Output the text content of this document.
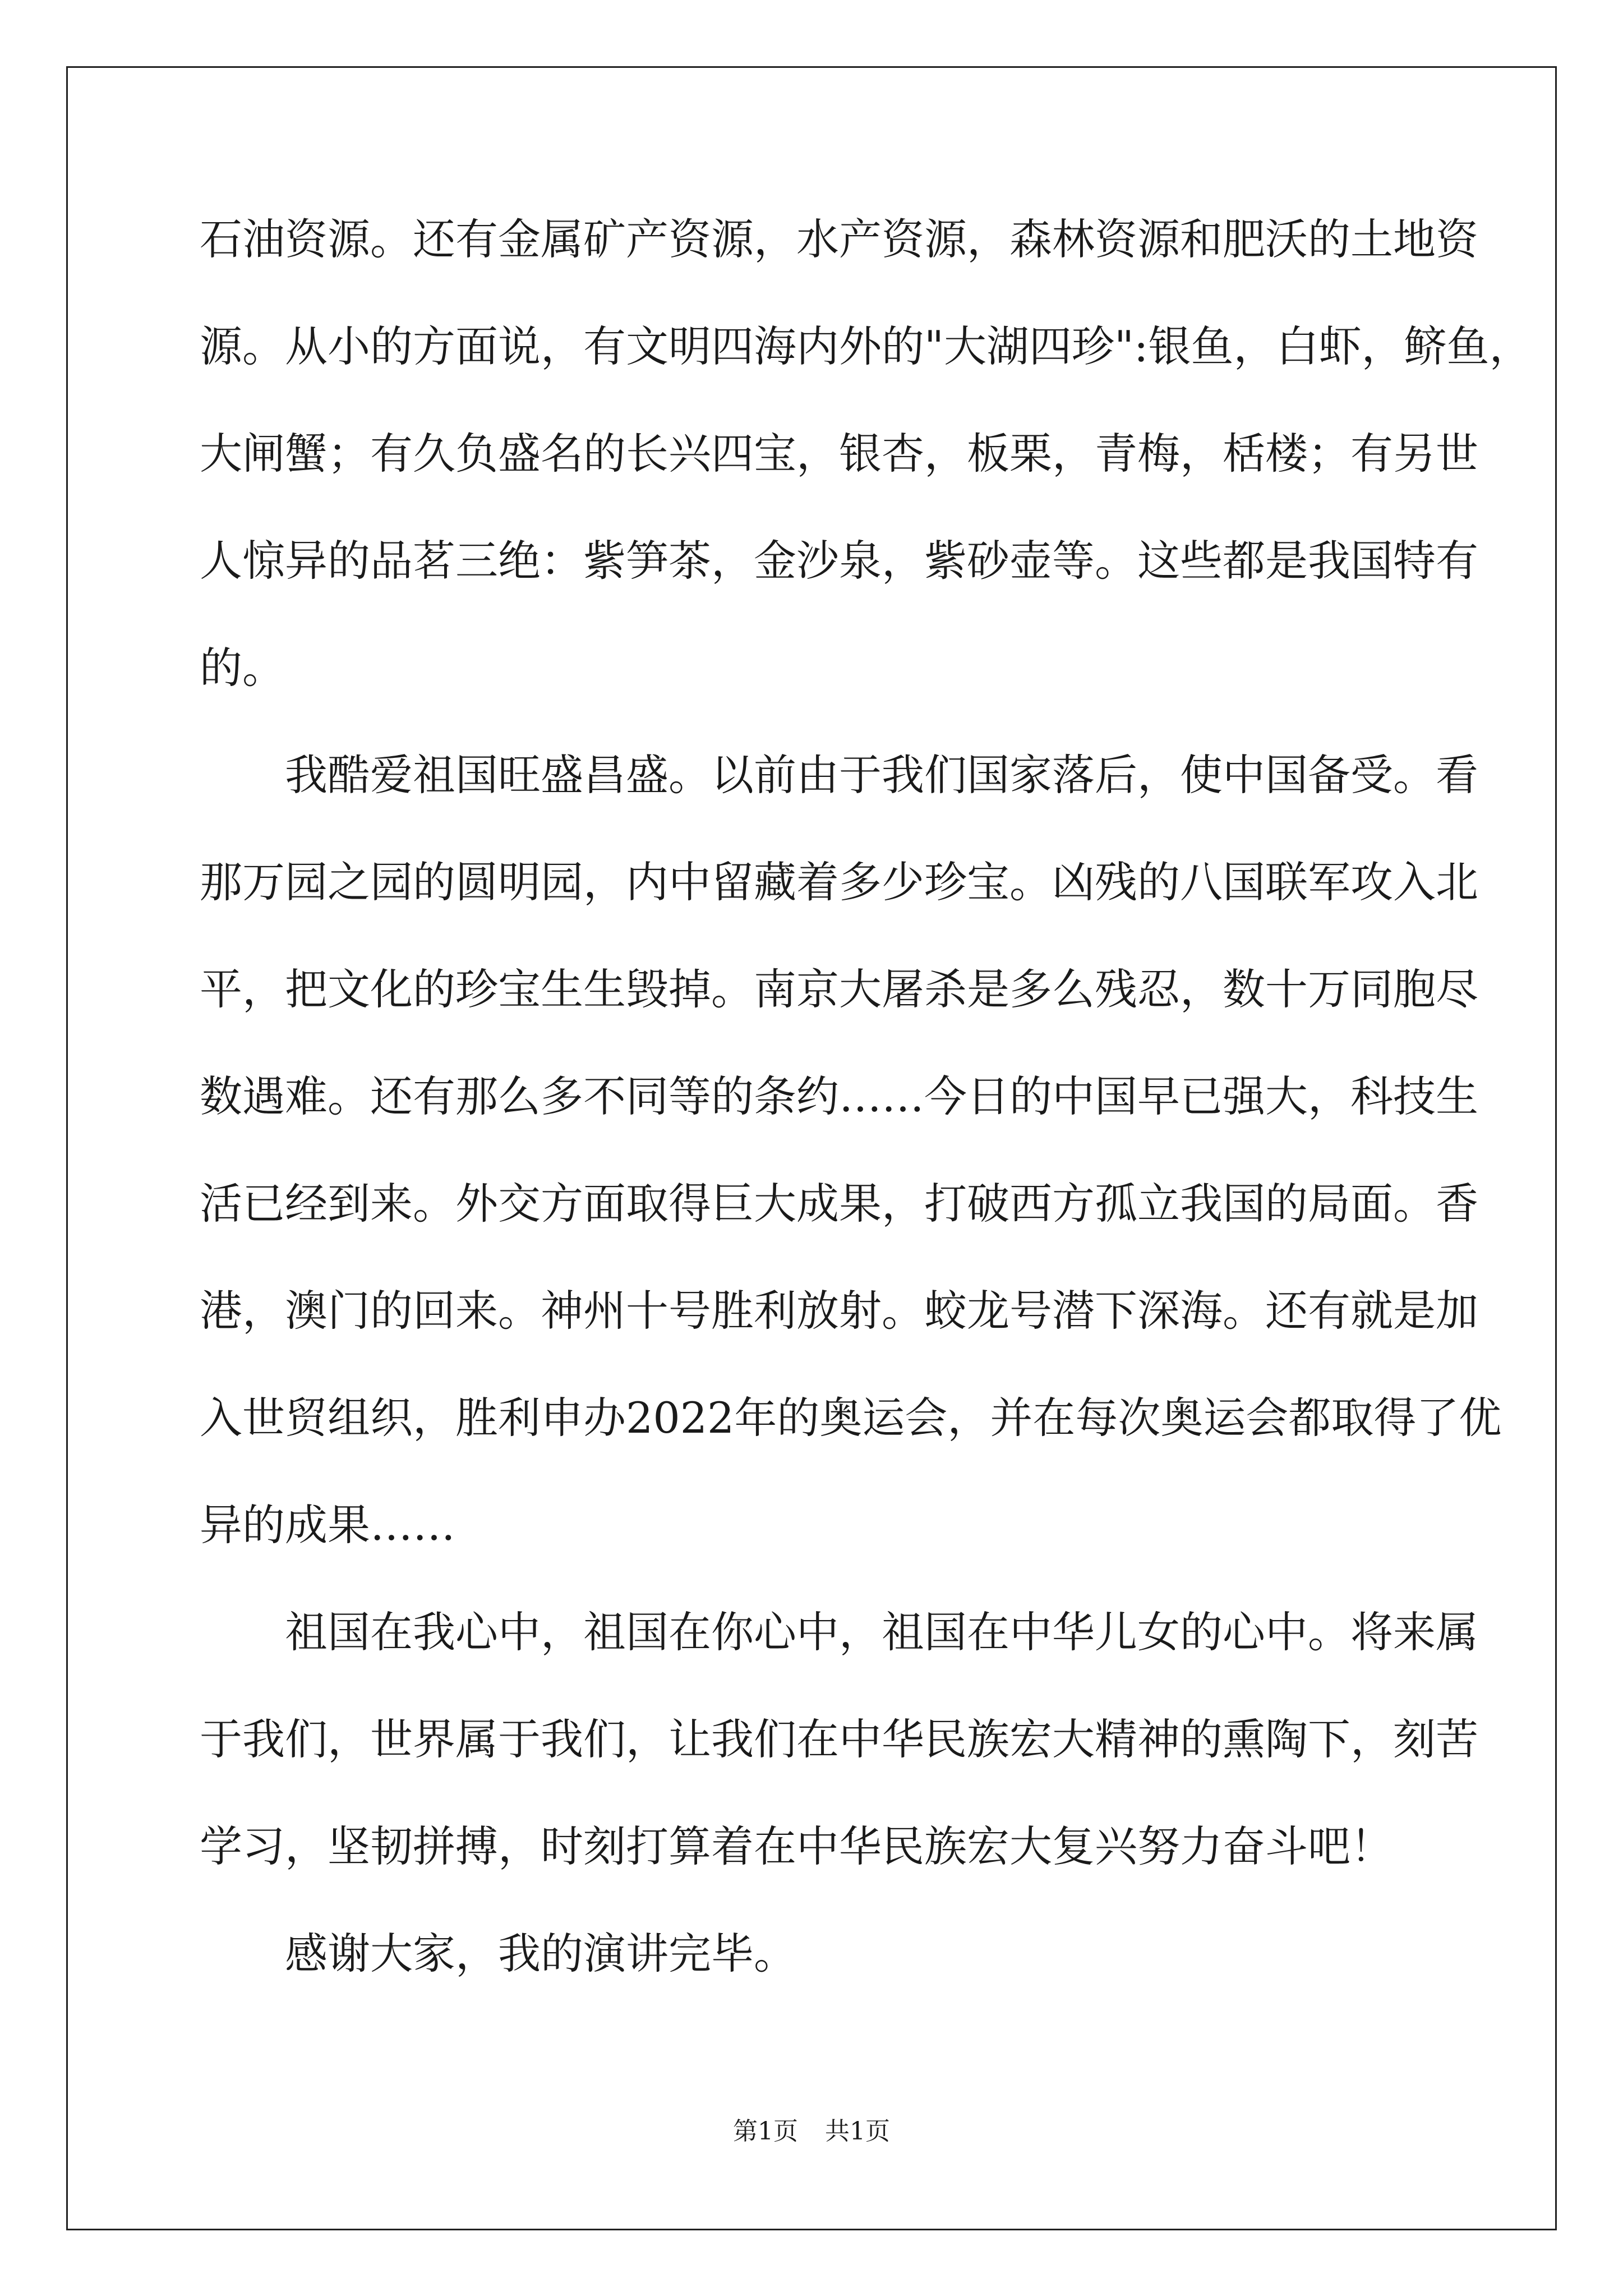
石油资源。还有金属矿产资源，水产资源，森林资源和肥沃的土地资
源。从小的方面说，有文明四海内外的"大湖四珍":银鱼，白虾，鲚鱼，
大闸蟹；有久负盛名的长兴四宝，银杏，板栗，青梅，栝楼；有另世
人惊异的品茗三绝：紫笋茶，金沙泉，紫砂壶等。这些都是我国特有
的。
　　我酷爱祖国旺盛昌盛。以前由于我们国家落后，使中国备受。看
那万园之园的圆明园，内中留藏着多少珍宝。凶残的八国联军攻入北
平，把文化的珍宝生生毁掉。南京大屠杀是多么残忍，数十万同胞尽
数遇难。还有那么多不同等的条约……今日的中国早已强大，科技生
活已经到来。外交方面取得巨大成果，打破西方孤立我国的局面。香
港，澳门的回来。神州十号胜利放射。蛟龙号潜下深海。还有就是加
入世贸组织，胜利申办2022年的奥运会，并在每次奥运会都取得了优
异的成果……
　　祖国在我心中，祖国在你心中，祖国在中华儿女的心中。将来属
于我们，世界属于我们，让我们在中华民族宏大精神的熏陶下，刻苦
学习，坚韧拼搏，时刻打算着在中华民族宏大复兴努力奋斗吧！
　　感谢大家，我的演讲完毕。
第1页 共1页
